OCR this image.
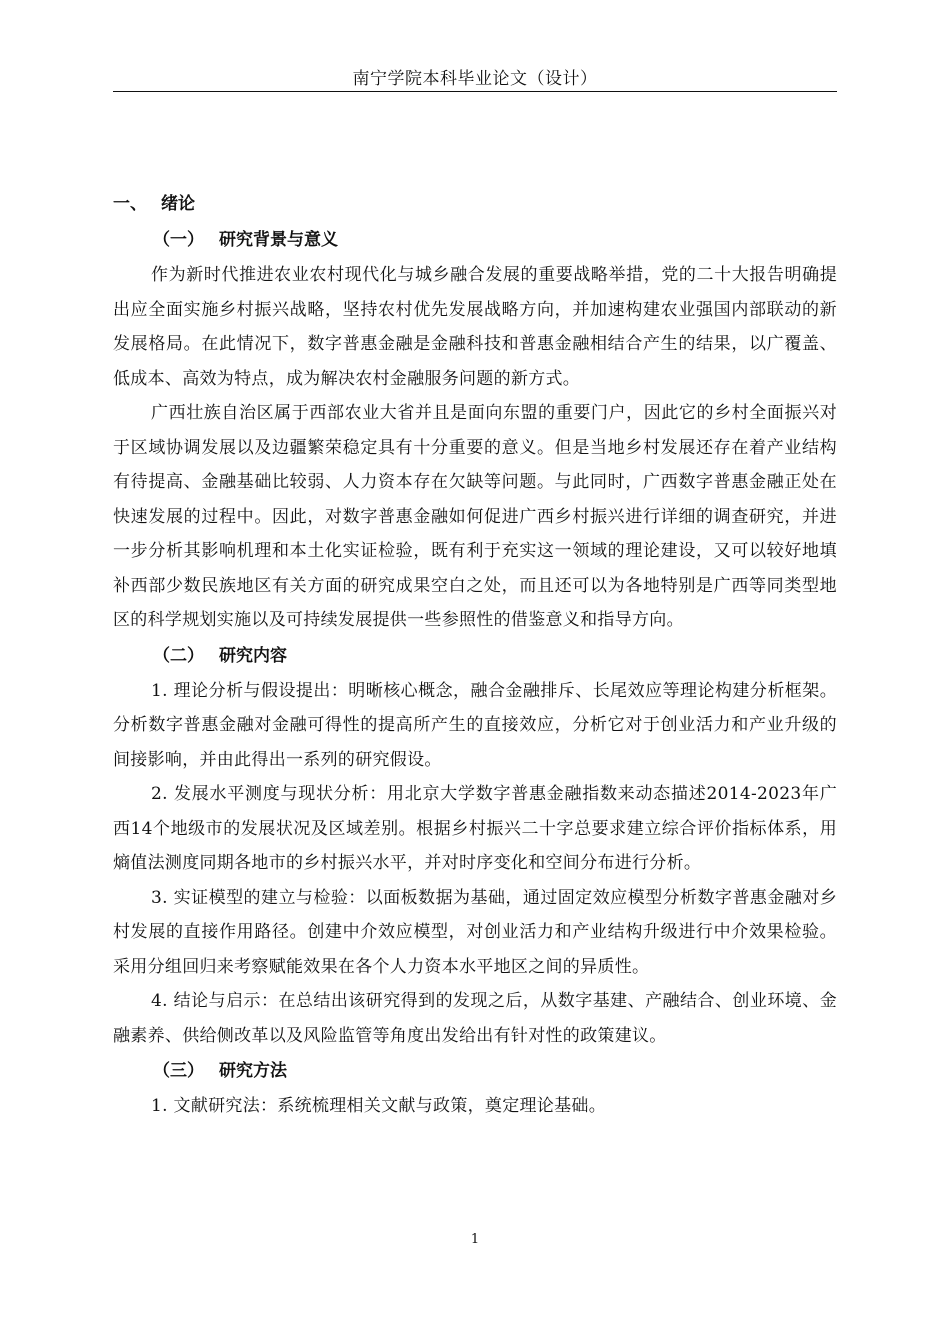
南宁学院本科毕业论文（设计）
一、 绪论
（一） 研究背景与意义

作为新时代推进农业农村现代化与城乡融合发展的重要战略举措，党的二十大报告明确提出应全面实施乡村振兴战略，坚持农村优先发展战略方向，并加速构建农业强国内部联动的新发展格局。在此情况下，数字普惠金融是金融科技和普惠金融相结合产生的结果，以广覆盖、低成本、高效为特点，成为解决农村金融服务问题的新方式。

广西壮族自治区属于西部农业大省并且是面向东盟的重要门户，因此它的乡村全面振兴对于区域协调发展以及边疆繁荣稳定具有十分重要的意义。但是当地乡村发展还存在着产业结构有待提高、金融基础比较弱、人力资本存在欠缺等问题。与此同时，广西数字普惠金融正处在快速发展的过程中。因此，对数字普惠金融如何促进广西乡村振兴进行详细的调查研究，并进一步分析其影响机理和本土化实证检验，既有利于充实这一领域的理论建设，又可以较好地填补西部少数民族地区有关方面的研究成果空白之处，而且还可以为各地特别是广西等同类型地区的科学规划实施以及可持续发展提供一些参照性的借鉴意义和指导方向。

（二） 研究内容

1. 理论分析与假设提出：明晰核心概念，融合金融排斥、长尾效应等理论构建分析框架。分析数字普惠金融对金融可得性的提高所产生的直接效应，分析它对于创业活力和产业升级的间接影响，并由此得出一系列的研究假设。

2. 发展水平测度与现状分析：用北京大学数字普惠金融指数来动态描述2014-2023年广西14个地级市的发展状况及区域差别。根据乡村振兴二十字总要求建立综合评价指标体系，用熵值法测度同期各地市的乡村振兴水平，并对时序变化和空间分布进行分析。

3. 实证模型的建立与检验：以面板数据为基础，通过固定效应模型分析数字普惠金融对乡村发展的直接作用路径。创建中介效应模型，对创业活力和产业结构升级进行中介效果检验。采用分组回归来考察赋能效果在各个人力资本水平地区之间的异质性。

4. 结论与启示：在总结出该研究得到的发现之后，从数字基建、产融结合、创业环境、金融素养、供给侧改革以及风险监管等角度出发给出有针对性的政策建议。

（三） 研究方法

1. 文献研究法：系统梳理相关文献与政策，奠定理论基础。

1
